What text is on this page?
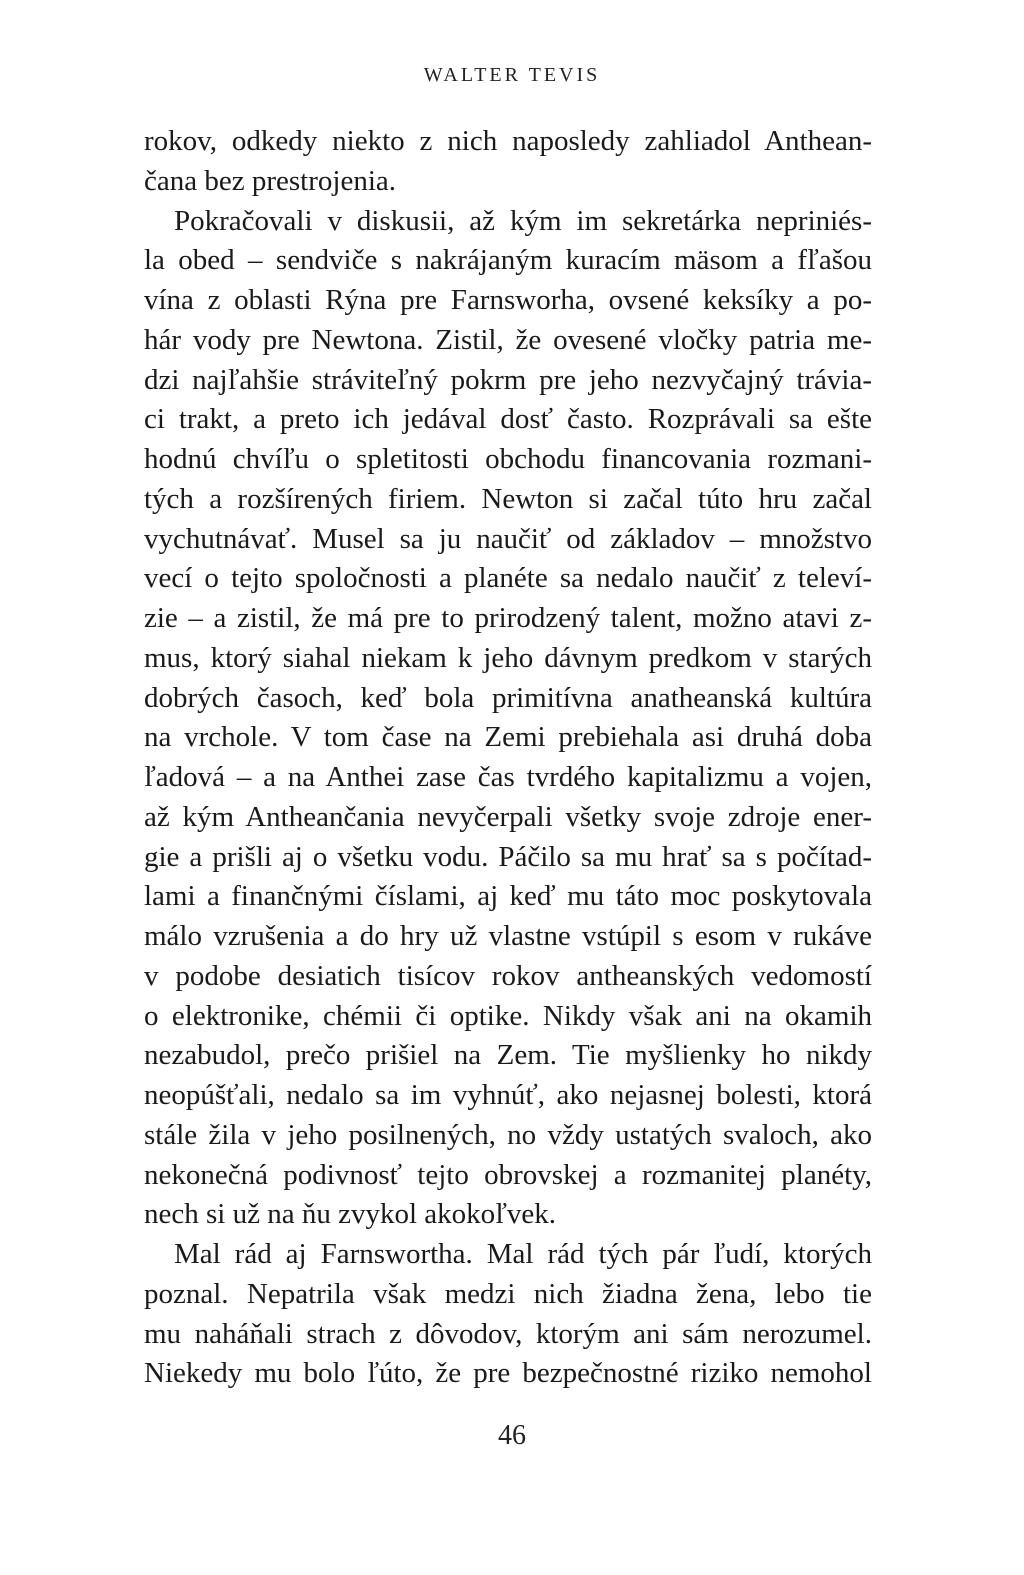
WALTER TEVIS
rokov, odkedy niekto z nich naposledy zahliadol Anthean-
čana bez prestrojenia.
Pokračovali v diskusii, až kým im sekretárka nepriniés-
la obed – sendviče s nakrájaným kuracím mäsom a fľašou
vína z oblasti Rýna pre Farnsworha, ovsené keksíky a po-
hár vody pre Newtona. Zistil, že ovesené vločky patria me-
dzi najľahšie stráviteľný pokrm pre jeho nezvyčajný trávia-
ci trakt, a preto ich jedával dosť často. Rozprávali sa ešte
hodnú chvíľu o spletitosti obchodu financovania rozmani-
tých a rozšírených firiem. Newton si začal túto hru začal
vychutnávať. Musel sa ju naučiť od základov – množstvo
vecí o tejto spoločnosti a planéte sa nedalo naučiť z televí-
zie – a zistil, že má pre to prirodzený talent, možno atavi z-
mus, ktorý siahal niekam k jeho dávnym predkom v starých
dobrých časoch, keď bola primitívna anatheanská kultúra
na vrchole. V tom čase na Zemi prebiehala asi druhá doba
ľadová – a na Anthei zase čas tvrdého kapitalizmu a vojen,
až kým Antheančania nevyčerpali všetky svoje zdroje ener-
gie a prišli aj o všetku vodu. Páčilo sa mu hrať sa s počítad-
lami a finančnými číslami, aj keď mu táto moc poskytovala
málo vzrušenia a do hry už vlastne vstúpil s esom v rukáve
v podobe desiatich tisícov rokov antheanských vedomostí
o elektronike, chémii či optike. Nikdy však ani na okamih
nezabudol, prečo prišiel na Zem. Tie myšlienky ho nikdy
neopúšťali, nedalo sa im vyhnúť, ako nejasnej bolesti, ktorá
stále žila v jeho posilnených, no vždy ustatých svaloch, ako
nekonečná podivnosť tejto obrovskej a rozmanitej planéty,
nech si už na ňu zvykol akokoľvek.
Mal rád aj Farnswortha. Mal rád tých pár ľudí, ktorých
poznal. Nepatrila však medzi nich žiadna žena, lebo tie
mu naháňali strach z dôvodov, ktorým ani sám nerozumel.
Niekedy mu bolo ľúto, že pre bezpečnostné riziko nemohol
46
